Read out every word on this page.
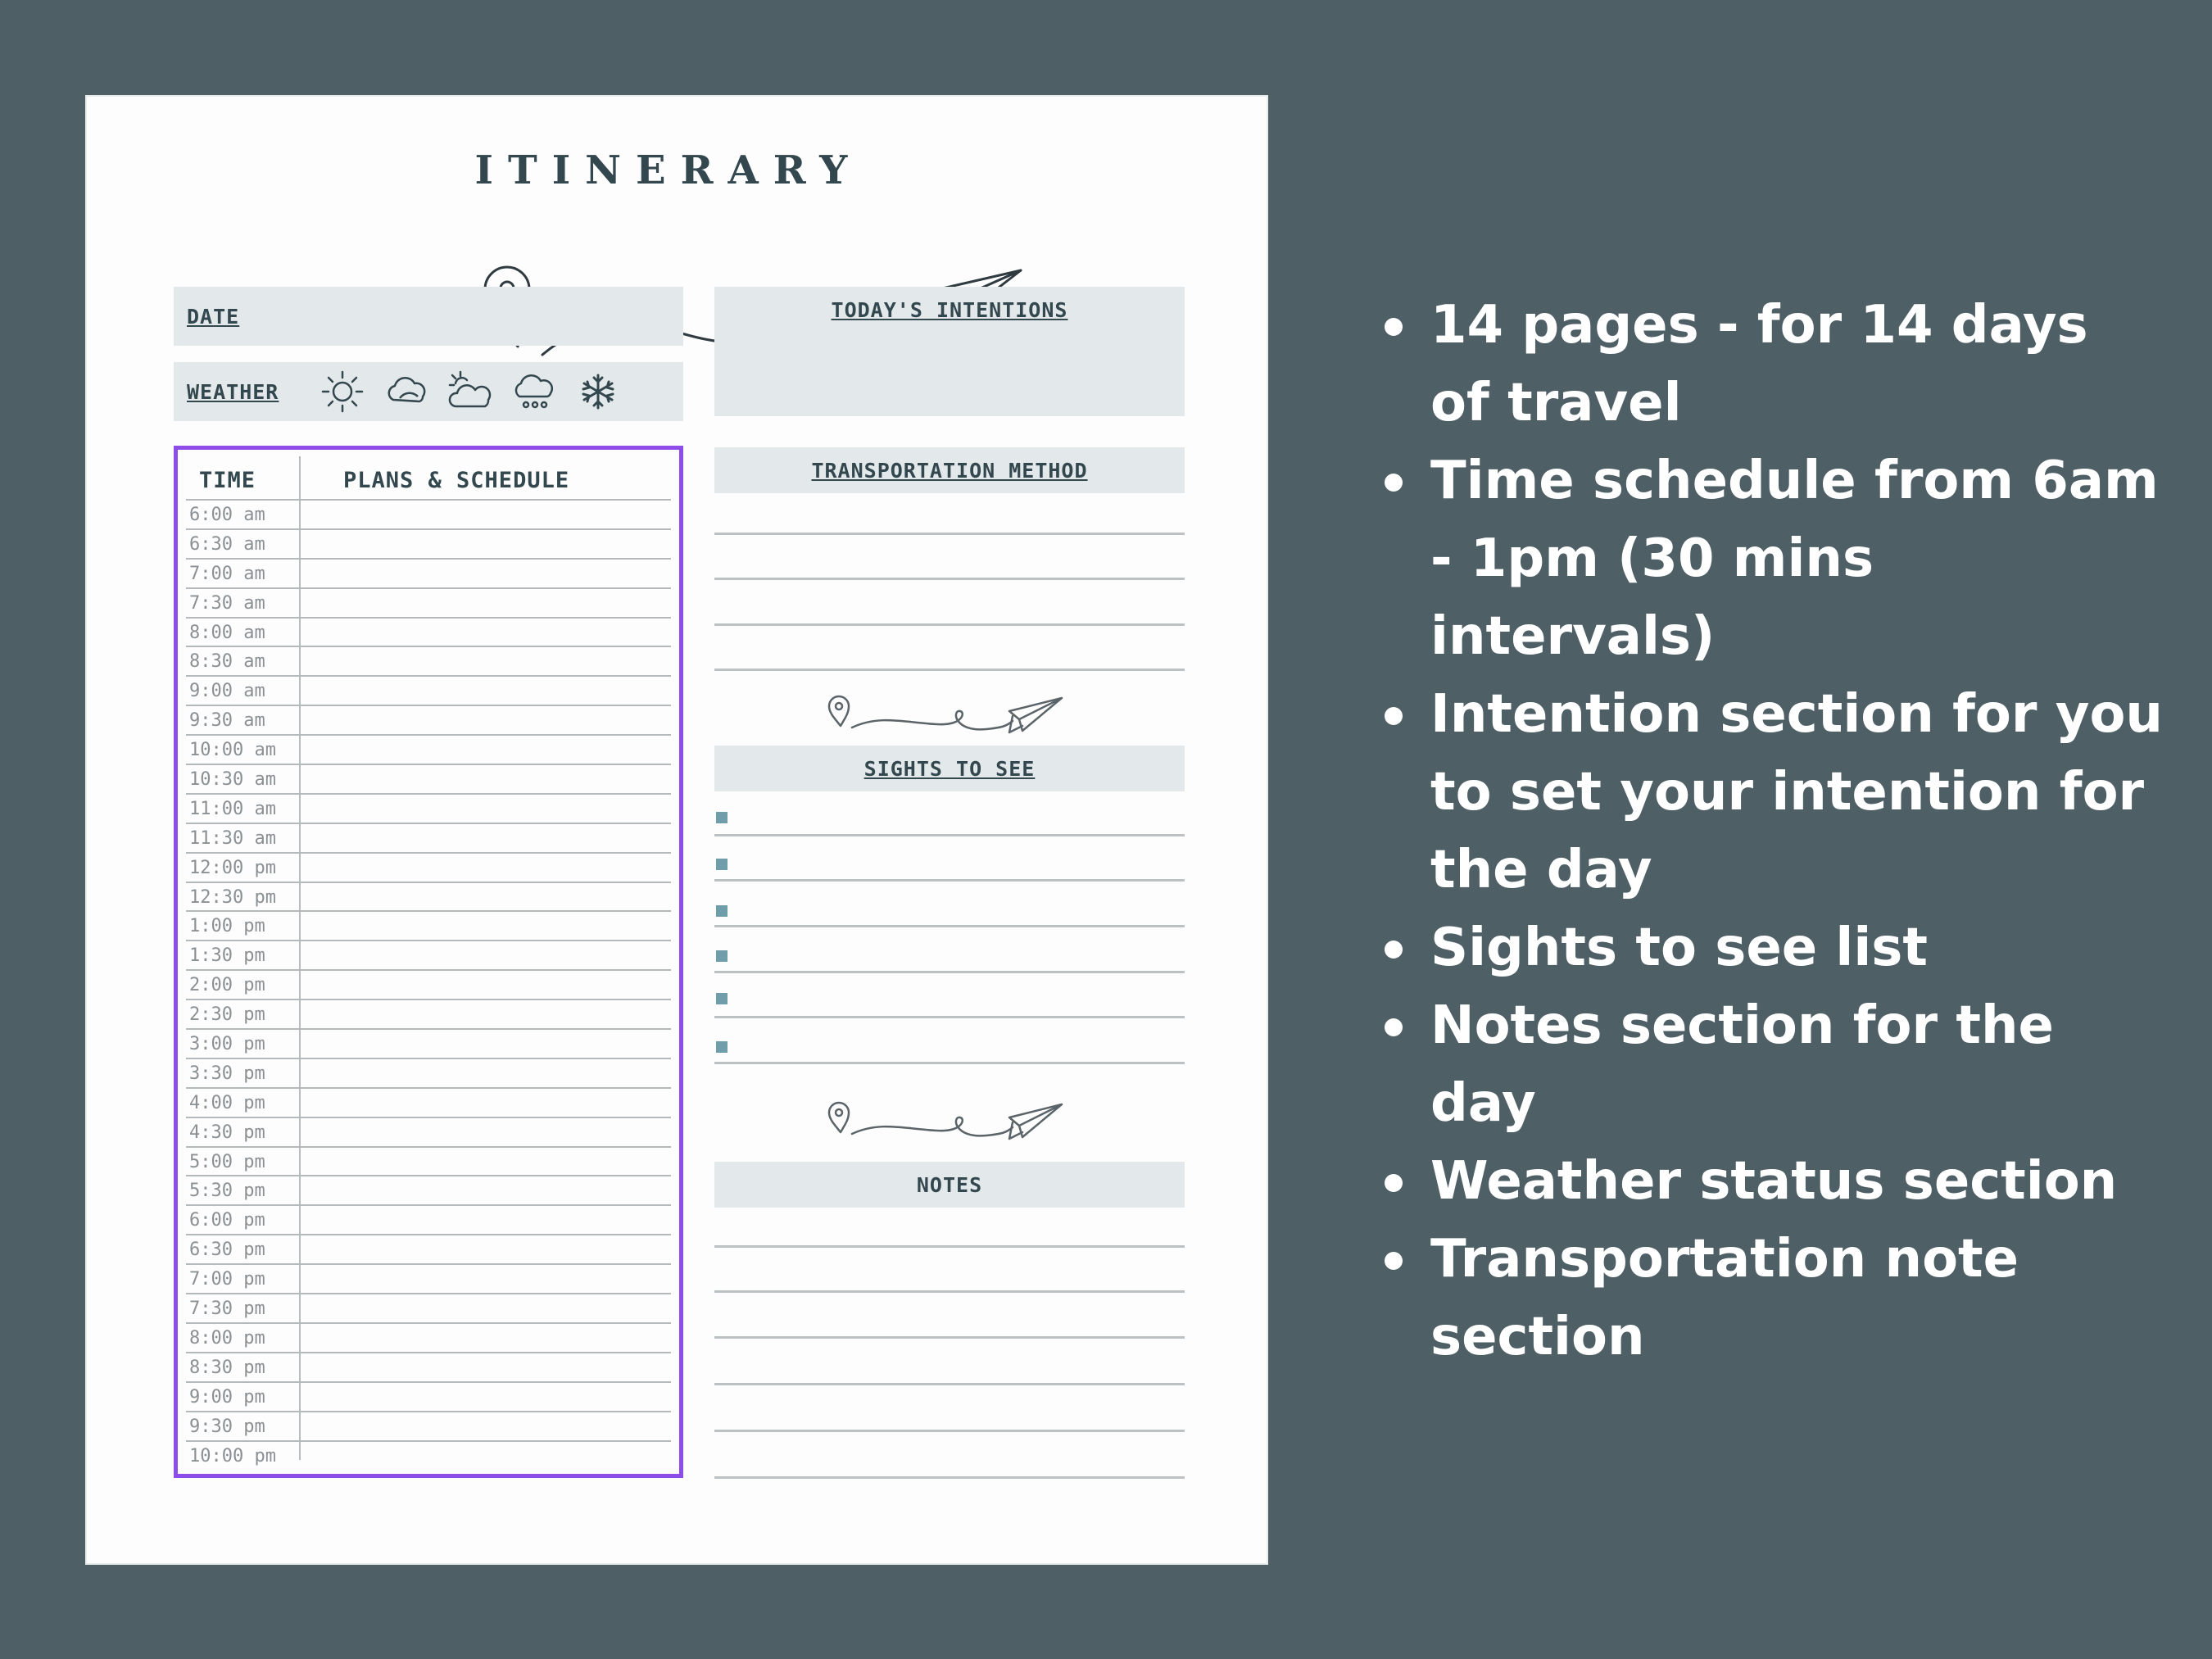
ITINERARY
DATE
WEATHER
TODAY'S INTENTIONS
TIME	PLANS & SCHEDULE
6:00 am
6:30 am
7:00 am
7:30 am
8:00 am
8:30 am
9:00 am
9:30 am
10:00 am
10:30 am
11:00 am
11:30 am
12:00 pm
12:30 pm
1:00 pm
1:30 pm
2:00 pm
2:30 pm
3:00 pm
3:30 pm
4:00 pm
4:30 pm
5:00 pm
5:30 pm
6:00 pm
6:30 pm
7:00 pm
7:30 pm
8:00 pm
8:30 pm
9:00 pm
9:30 pm
10:00 pm
TRANSPORTATION METHOD
SIGHTS TO SEE
NOTES
14 pages - for 14 days of travel
Time schedule from 6am - 1pm (30 mins intervals)
Intention section for you to set your intention for the day
Sights to see list
Notes section for the day
Weather status section
Transportation note section
